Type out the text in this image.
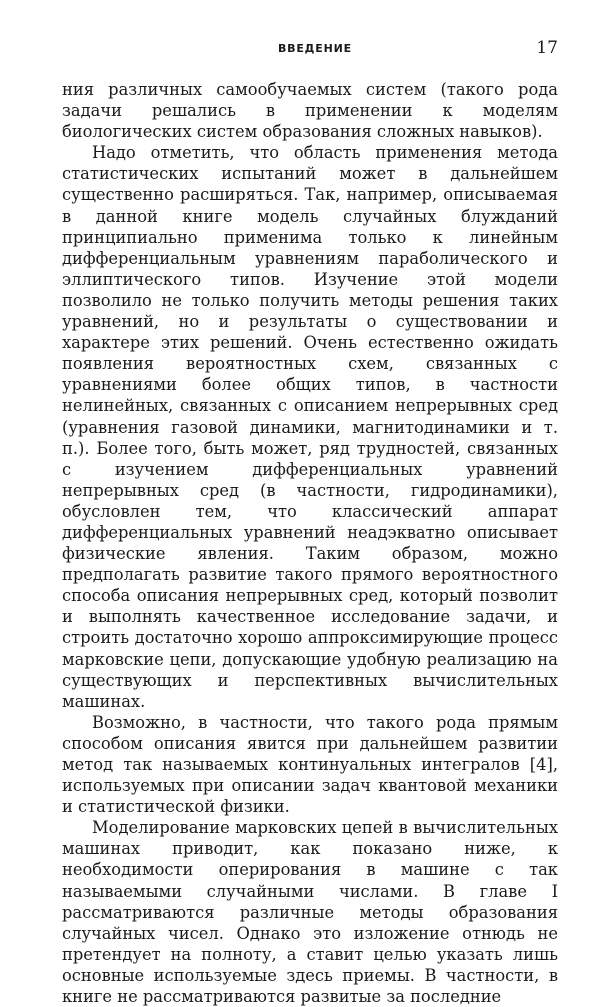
ВВЕДЕНИЕ	17

ния различных самообучаемых систем (такого рода задачи решались в применении к моделям биологических систем образования сложных навыков).

Надо отметить, что область применения метода статистических испытаний может в дальнейшем существенно расширяться. Так, например, описываемая в данной книге модель случайных блужданий принципиально применима только к линейным дифференциальным уравнениям параболического и эллиптического типов. Изучение этой модели позволило не только получить методы решения таких уравнений, но и результаты о существовании и характере этих решений. Очень естественно ожидать появления вероятностных схем, связанных с уравнениями более общих типов, в частности нелинейных, связанных с описанием непрерывных сред (уравнения газовой динамики, магнитодинамики и т. п.). Более того, быть может, ряд трудностей, связанных с изучением дифференциальных уравнений непрерывных сред (в частности, гидродинамики), обусловлен тем, что классический аппарат дифференциальных уравнений неадэкватно описывает физические явления. Таким образом, можно предполагать развитие такого прямого вероятностного способа описания непрерывных сред, который позволит и выполнять качественное исследование задачи, и строить достаточно хорошо аппроксимирующие процесс марковские цепи, допускающие удобную реализацию на существующих и перспективных вычислительных машинах.

Возможно, в частности, что такого рода прямым способом описания явится при дальнейшем развитии метод так называемых континуальных интегралов [4], используемых при описании задач квантовой механики и статистической физики.

Моделирование марковских цепей в вычислительных машинах приводит, как показано ниже, к необходимости оперирования в машине с так называемыми случайными числами. В главе I рассматриваются различные методы образования случайных чисел. Однако это изложение отнюдь не претендует на полноту, а ставит целью указать лишь основные используемые здесь приемы. В частности, в книге не рассматриваются развитые за последние
